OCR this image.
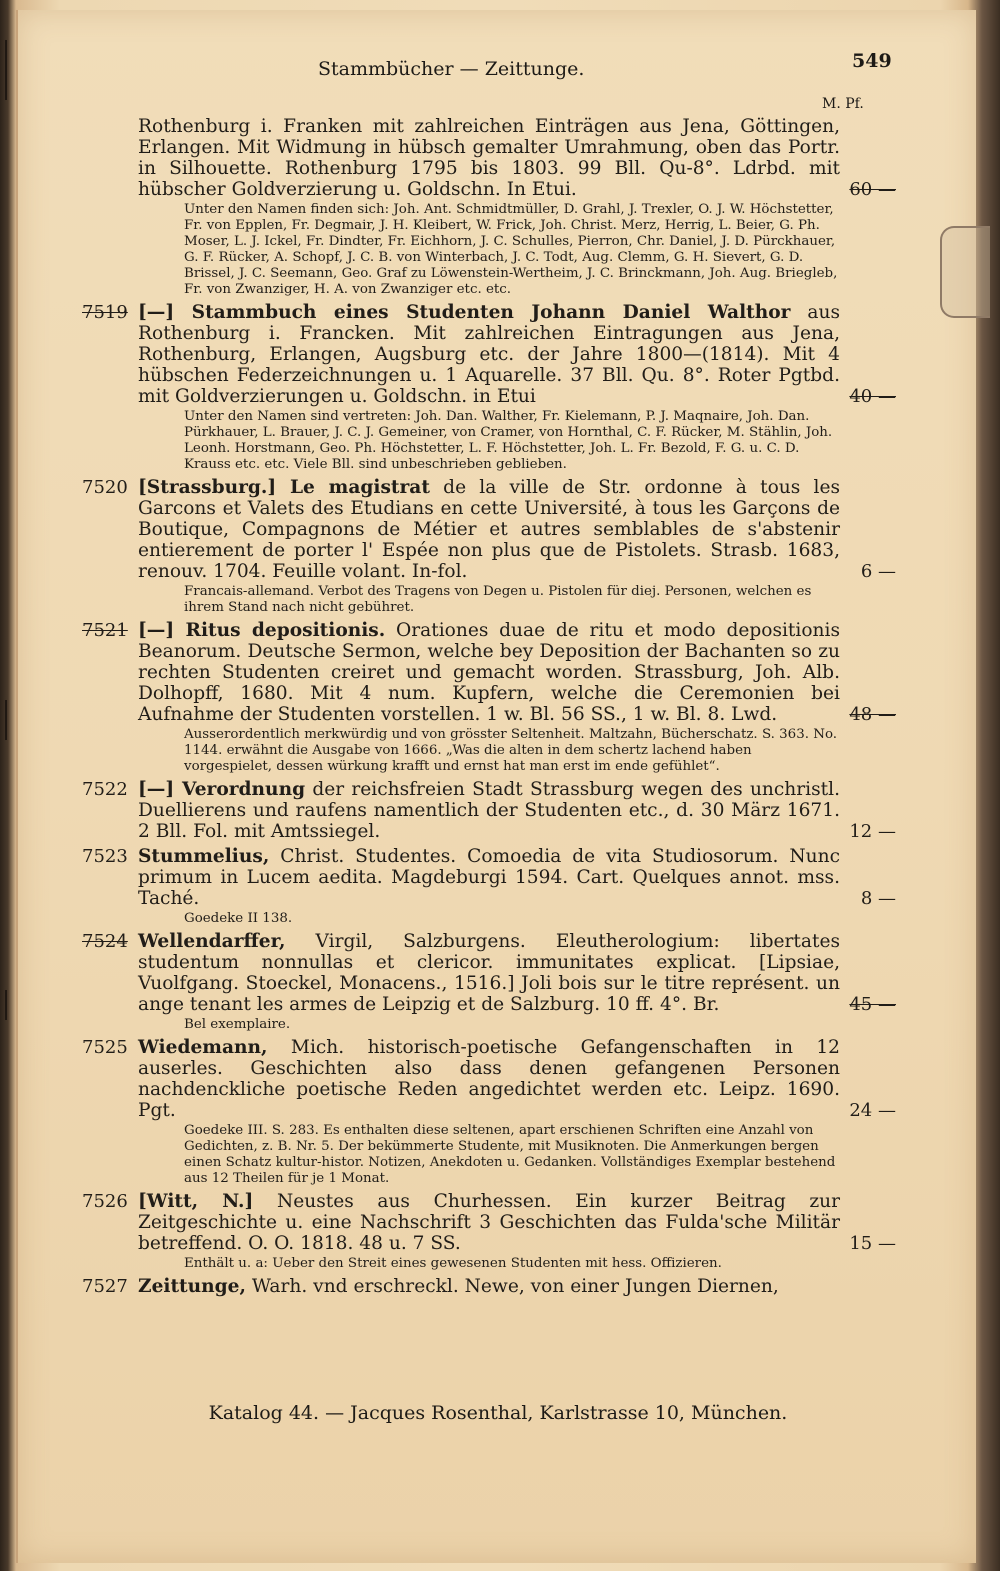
Stammbücher — Zeittunge.	549
M. Pf.
Rothenburg i. Franken mit zahlreichen Einträgen aus Jena, Göttingen, Erlangen. Mit Widmung in hübsch gemalter Umrahmung, oben das Portr. in Silhouette. Rothenburg 1795 bis 1803. 99 Bll. Qu-8°. Ldrbd. mit hübscher Goldverzierung u. Goldschn. In Etui.	60 —
Unter den Namen finden sich: Joh. Ant. Schmidtmüller, D. Grahl, J. Trexler, O. J. W. Höchstetter, Fr. von Epplen, Fr. Degmair, J. H. Kleibert, W. Frick, Joh. Christ. Merz, Herrig, L. Beier, G. Ph. Moser, L. J. Ickel, Fr. Dindter, Fr. Eichhorn, J. C. Schulles, Pierron, Chr. Daniel, J. D. Pürckhauer, G. F. Rücker, A. Schopf, J. C. B. von Winterbach, J. C. Todt, Aug. Clemm, G. H. Sievert, G. D. Brissel, J. C. Seemann, Geo. Graf zu Löwenstein-Wertheim, J. C. Brinckmann, Joh. Aug. Briegleb, Fr. von Zwanziger, H. A. von Zwanziger etc. etc.
7519 [—] Stammbuch eines Studenten Johann Daniel Walthor aus Rothenburg i. Francken. Mit zahlreichen Eintragungen aus Jena, Rothenburg, Erlangen, Augsburg etc. der Jahre 1800—(1814). Mit 4 hübschen Federzeichnungen u. 1 Aquarelle. 37 Bll. Qu. 8°. Roter Pgtbd. mit Goldverzierungen u. Goldschn. in Etui	40 —
Unter den Namen sind vertreten: Joh. Dan. Walther, Fr. Kielemann, P. J. Maqnaire, Joh. Dan. Pürkhauer, L. Brauer, J. C. J. Gemeiner, von Cramer, von Hornthal, C. F. Rücker, M. Stählin, Joh. Leonh. Horstmann, Geo. Ph. Höchstetter, L. F. Höchstetter, Joh. L. Fr. Bezold, F. G. u. C. D. Krauss etc. etc. Viele Bll. sind unbeschrieben geblieben.
7520 [Strassburg.] Le magistrat de la ville de Str. ordonne à tous les Garcons et Valets des Etudians en cette Université, à tous les Garçons de Boutique, Compagnons de Métier et autres semblables de s'abstenir entierement de porter l' Espée non plus que de Pistolets. Strasb. 1683, renouv. 1704. Feuille volant. In-fol.	6 —
Francais-allemand. Verbot des Tragens von Degen u. Pistolen für diej. Personen, welchen es ihrem Stand nach nicht gebühret.
7521 [—] Ritus depositionis. Orationes duae de ritu et modo depositionis Beanorum. Deutsche Sermon, welche bey Deposition der Bachanten so zu rechten Studenten creiret und gemacht worden. Strassburg, Joh. Alb. Dolhopff, 1680. Mit 4 num. Kupfern, welche die Ceremonien bei Aufnahme der Studenten vorstellen. 1 w. Bl. 56 SS., 1 w. Bl. 8. Lwd.	48 —
Ausserordentlich merkwürdig und von grösster Seltenheit. Maltzahn, Bücherschatz. S. 363. No. 1144. erwähnt die Ausgabe von 1666. „Was die alten in dem schertz lachend haben vorgespielet, dessen würkung krafft und ernst hat man erst im ende gefühlet“.
7522 [—] Verordnung der reichsfreien Stadt Strassburg wegen des unchristl. Duellierens und raufens namentlich der Studenten etc., d. 30 März 1671. 2 Bll. Fol. mit Amtssiegel.	12 —
7523 Stummelius, Christ. Studentes. Comoedia de vita Studiosorum. Nunc primum in Lucem aedita. Magdeburgi 1594. Cart. Quelques annot. mss. Taché.	8 —
Goedeke II 138.
7524 Wellendarffer, Virgil, Salzburgens. Eleutherologium: libertates studentum nonnullas et clericor. immunitates explicat. [Lipsiae, Vuolfgang. Stoeckel, Monacens., 1516.] Joli bois sur le titre représent. un ange tenant les armes de Leipzig et de Salzburg. 10 ff. 4°. Br.	45 —
Bel exemplaire.
7525 Wiedemann, Mich. historisch-poetische Gefangenschaften in 12 auserles. Geschichten also dass denen gefangenen Personen nachdenckliche poetische Reden angedichtet werden etc. Leipz. 1690. Pgt.	24 —
Goedeke III. S. 283. Es enthalten diese seltenen, apart erschienen Schriften eine Anzahl von Gedichten, z. B. Nr. 5. Der bekümmerte Studente, mit Musiknoten. Die Anmerkungen bergen einen Schatz kultur-histor. Notizen, Anekdoten u. Gedanken. Vollständiges Exemplar bestehend aus 12 Theilen für je 1 Monat.
7526 [Witt, N.] Neustes aus Churhessen. Ein kurzer Beitrag zur Zeitgeschichte u. eine Nachschrift 3 Geschichten das Fulda'sche Militär betreffend. O. O. 1818. 48 u. 7 SS.	15 —
Enthält u. a: Ueber den Streit eines gewesenen Studenten mit hess. Offizieren.
7527 Zeittunge, Warh. vnd erschreckl. Newe, von einer Jungen Diernen,
Katalog 44. — Jacques Rosenthal, Karlstrasse 10, München.
